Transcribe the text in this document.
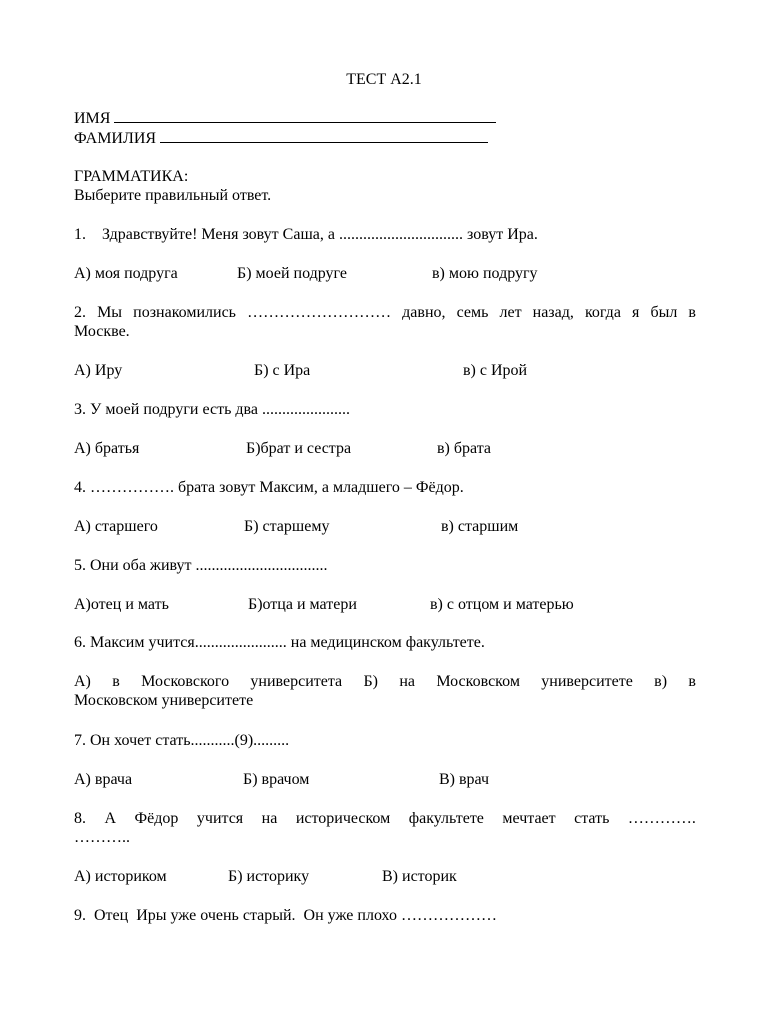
ТЕСТ А2.1
ИМЯ
ФАМИЛИЯ
ГРАММАТИКА:
Выберите правильный ответ.
1.    Здравствуйте! Меня зовут Саша, а ............................... зовут Ира.
А) моя подруга	Б) моей подруге	в) мою подругу
2. Мы познакомились ……………………… давно, семь лет назад, когда я был в
Москве.
А) Иру	Б) с Ира	в) с Ирой
3. У моей подруги есть два ......................
А) братья	Б)брат и сестра	в) брата
4. ……………. брата зовут Максим, а младшего – Фёдор.
А) старшего	Б) старшему	в) старшим
5. Они оба живут .................................
А)отец и мать	Б)отца и матери	в) с отцом и матерью
6. Максим учится....................... на медицинском факультете.
А) в Московского университета Б) на Московском университете в) в
Московском университете
7. Он хочет стать...........(9).........
А) врача	Б) врачом	В) врач
8. А Фёдор учится на историческом факультете мечтает стать ………….
………..
А) историком	Б) историку	В) историк
9.  Отец  Иры уже очень старый.  Он уже плохо ………………
